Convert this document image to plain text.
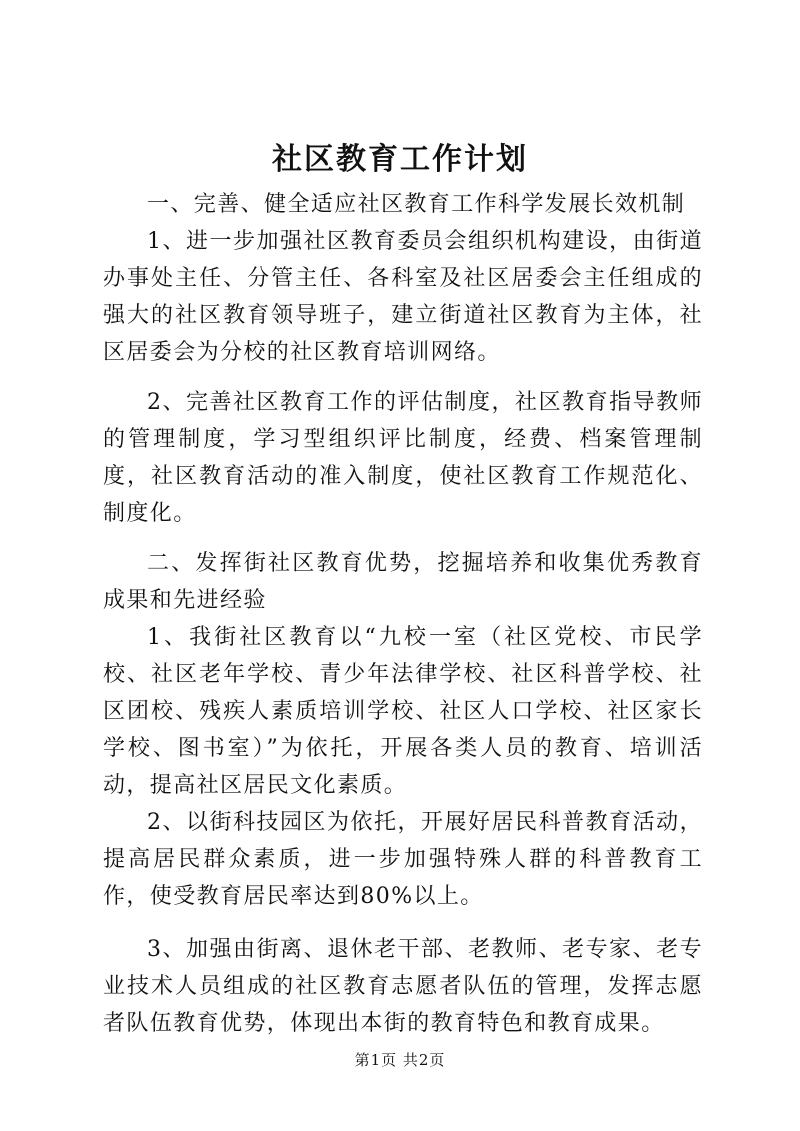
社区教育工作计划

一、完善、健全适应社区教育工作科学发展长效机制

1、进一步加强社区教育委员会组织机构建设，由街道办事处主任、分管主任、各科室及社区居委会主任组成的强大的社区教育领导班子，建立街道社区教育为主体，社区居委会为分校的社区教育培训网络。

2、完善社区教育工作的评估制度，社区教育指导教师的管理制度，学习型组织评比制度，经费、档案管理制度，社区教育活动的准入制度，使社区教育工作规范化、制度化。

二、发挥街社区教育优势，挖掘培养和收集优秀教育成果和先进经验

1、我街社区教育以“九校一室（社区党校、市民学校、社区老年学校、青少年法律学校、社区科普学校、社区团校、残疾人素质培训学校、社区人口学校、社区家长学校、图书室）”为依托，开展各类人员的教育、培训活动，提高社区居民文化素质。

2、以街科技园区为依托，开展好居民科普教育活动，提高居民群众素质，进一步加强特殊人群的科普教育工作，使受教育居民率达到80%以上。

3、加强由街离、退休老干部、老教师、老专家、老专业技术人员组成的社区教育志愿者队伍的管理，发挥志愿者队伍教育优势，体现出本街的教育特色和教育成果。

第1页 共2页
